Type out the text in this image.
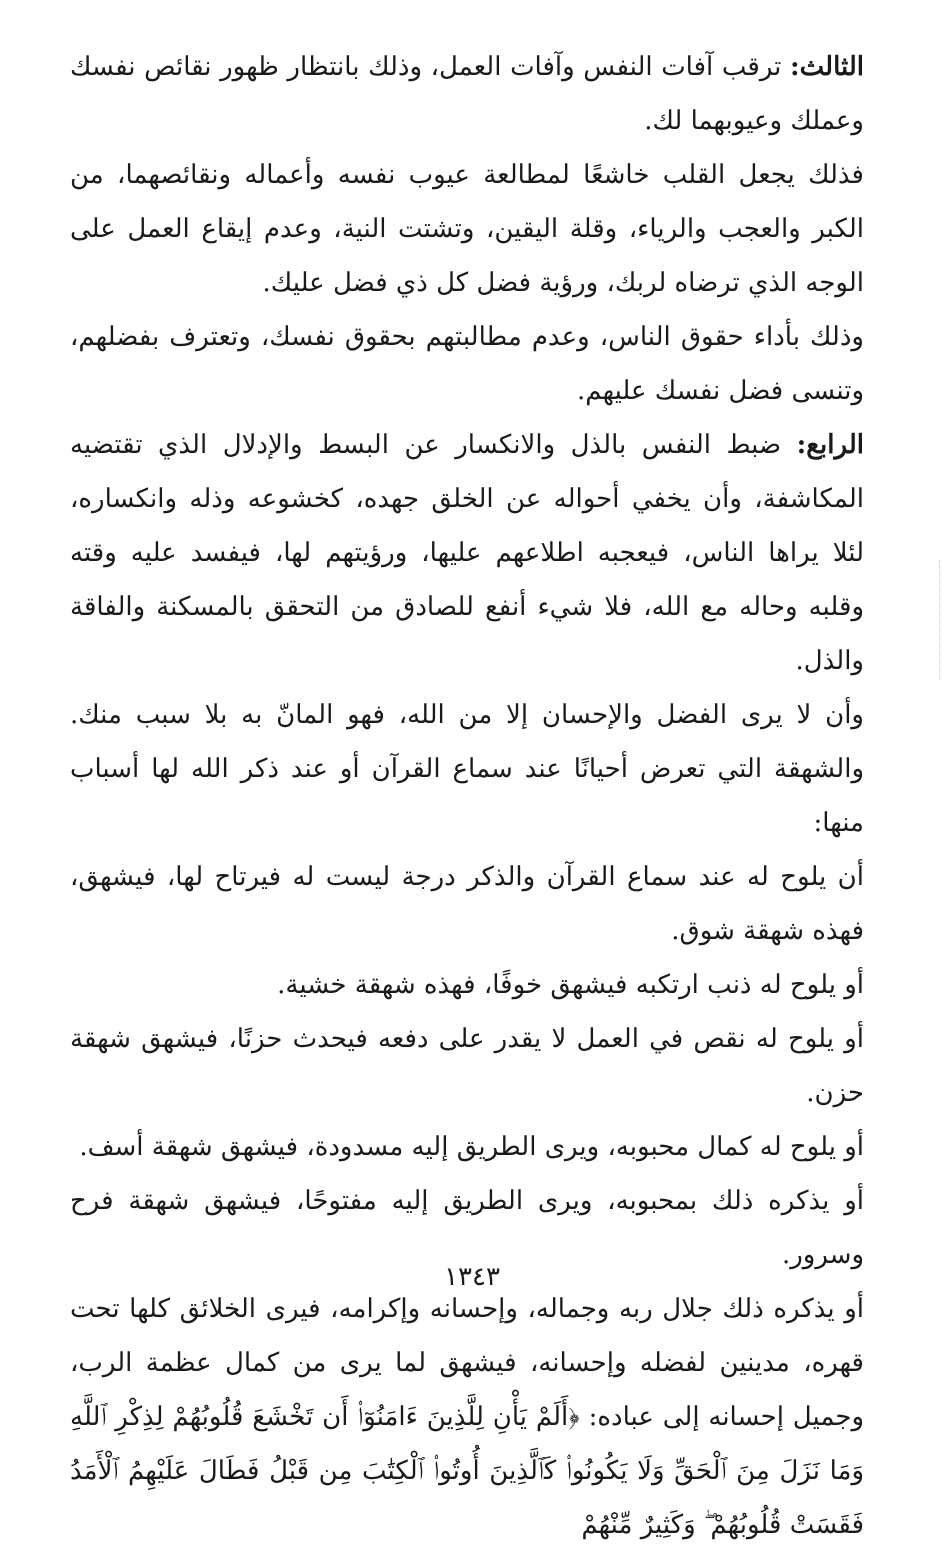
الثالث: ترقب آفات النفس وآفات العمل، وذلك بانتظار ظهور نقائص نفسك وعملك وعيوبهما لك.

فذلك يجعل القلب خاشعًا لمطالعة عيوب نفسه وأعماله ونقائصهما، من الكبر والعجب والرياء، وقلة اليقين، وتشتت النية، وعدم إيقاع العمل على الوجه الذي ترضاه لربك، ورؤية فضل كل ذي فضل عليك.

وذلك بأداء حقوق الناس، وعدم مطالبتهم بحقوق نفسك، وتعترف بفضلهم، وتنسى فضل نفسك عليهم.

الرابع: ضبط النفس بالذل والانكسار عن البسط والإدلال الذي تقتضيه المكاشفة، وأن يخفي أحواله عن الخلق جهده، كخشوعه وذله وانكساره، لئلا يراها الناس، فيعجبه اطلاعهم عليها، ورؤيتهم لها، فيفسد عليه وقته وقلبه وحاله مع الله، فلا شيء أنفع للصادق من التحقق بالمسكنة والفاقة والذل.

وأن لا يرى الفضل والإحسان إلا من الله، فهو المانّ به بلا سبب منك. والشهقة التي تعرض أحيانًا عند سماع القرآن أو عند ذكر الله لها أسباب منها:

أن يلوح له عند سماع القرآن والذكر درجة ليست له فيرتاح لها، فيشهق، فهذه شهقة شوق.

أو يلوح له ذنب ارتكبه فيشهق خوفًا، فهذه شهقة خشية.

أو يلوح له نقص في العمل لا يقدر على دفعه فيحدث حزنًا، فيشهق شهقة حزن.

أو يلوح له كمال محبوبه، ويرى الطريق إليه مسدودة، فيشهق شهقة أسف.

أو يذكره ذلك بمحبوبه، ويرى الطريق إليه مفتوحًا، فيشهق شهقة فرح وسرور.

أو يذكره ذلك جلال ربه وجماله، وإحسانه وإكرامه، فيرى الخلائق كلها تحت قهره، مدينين لفضله وإحسانه، فيشهق لما يرى من كمال عظمة الرب، وجميل إحسانه إلى عباده: ﴿أَلَمْ يَأْنِ لِلَّذِينَ ءَامَنُوٓا۟ أَن تَخْشَعَ قُلُوبُهُمْ لِذِكْرِ ٱللَّهِ وَمَا نَزَلَ مِنَ ٱلْحَقِّ وَلَا يَكُونُوا۟ كَٱلَّذِينَ أُوتُوا۟ ٱلْكِتَٰبَ مِن قَبْلُ فَطَالَ عَلَيْهِمُ ٱلْأَمَدُ فَقَسَتْ قُلُوبُهُمْ ۖ وَكَثِيرٌ مِّنْهُمْ

١٣٤٣
